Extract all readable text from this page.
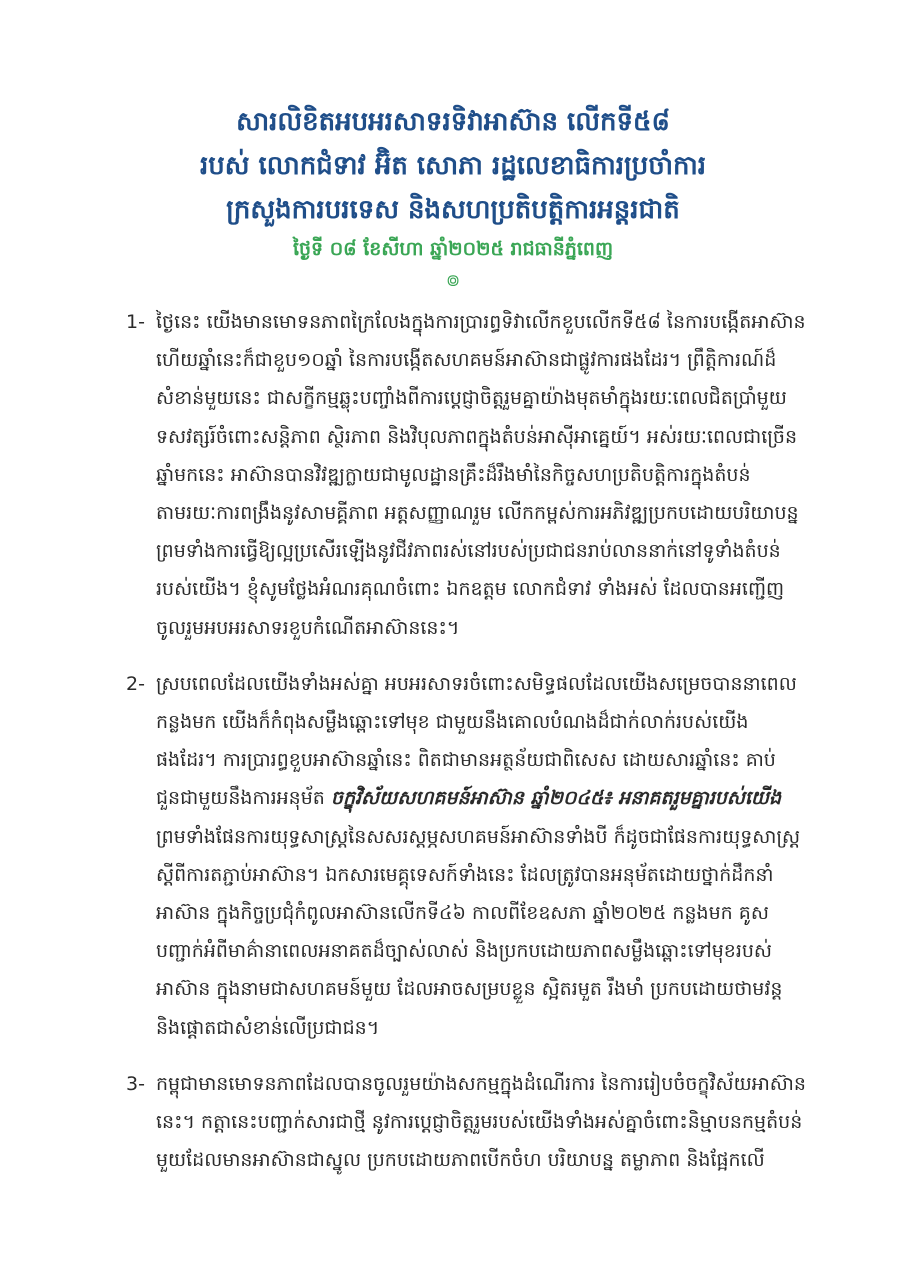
សារលិខិតអបអរសាទរទិវាអាស៊ាន លើកទី៥៨
របស់ លោកជំទាវ អ៊ិត សោភា រដ្ឋលេខាធិការប្រចាំការ
ក្រសួងការបរទេស និងសហប្រតិបត្តិការអន្តរជាតិ
ថ្ងៃទី ០៨ ខែសីហា ឆ្នាំ២០២៥ រាជធានីភ្នំពេញ
៙
1- ថ្ងៃនេះ យើងមានមោទនភាពក្រៃលែងក្នុងការប្រារព្ធទិវាលើកខួបលើកទី៥៨ នៃការបង្កើតអាស៊ាន ហើយឆ្នាំនេះក៏ជាខួប១០ឆ្នាំ នៃការបង្កើតសហគមន៍អាស៊ានជាផ្លូវការផងដែរ។ ព្រឹត្តិការណ៍ដ៏សំខាន់មួយនេះ ជាសក្ខីកម្មឆ្លុះបញ្ចាំងពីការប្តេជ្ញាចិត្តរួមគ្នាយ៉ាងមុតមាំក្នុងរយៈពេលជិតប្រាំមួយទសវត្សរ៍ចំពោះសន្តិភាព ស្ថិរភាព និងវិបុលភាពក្នុងតំបន់អាស៊ីអាគ្នេយ៍។ អស់រយៈពេលជាច្រើនឆ្នាំមកនេះ អាស៊ានបានវិវឌ្ឍក្លាយជាមូលដ្ឋានគ្រឹះដ៏រឹងមាំនៃកិច្ចសហប្រតិបត្តិការក្នុងតំបន់ តាមរយៈការពង្រឹងនូវសាមគ្គីភាព អត្តសញ្ញាណរួម លើកកម្ពស់ការអភិវឌ្ឍប្រកបដោយបរិយាបន្ន ព្រមទាំងការធ្វើឱ្យល្អប្រសើរឡើងនូវជីវភាពរស់នៅរបស់ប្រជាជនរាប់លាននាក់នៅទូទាំងតំបន់របស់យើង។ ខ្ញុំសូមថ្លែងអំណរគុណចំពោះ ឯកឧត្តម លោកជំទាវ ទាំងអស់ ដែលបានអញ្ជើញចូលរួមអបអរសាទរខួបកំណើតអាស៊ាននេះ។
2- ស្របពេលដែលយើងទាំងអស់គ្នា អបអរសាទរចំពោះសមិទ្ធផលដែលយើងសម្រេចបាននាពេលកន្លងមក យើងក៏កំពុងសម្លឹងឆ្ពោះទៅមុខ ជាមួយនឹងគោលបំណងដ៏ជាក់លាក់របស់យើងផងដែរ។ ការប្រារព្ធខួបអាស៊ានឆ្នាំនេះ ពិតជាមានអត្ថន័យជាពិសេស ដោយសារឆ្នាំនេះ គាប់ជួនជាមួយនឹងការអនុម័ត ចក្ខុវិស័យសហគមន៍អាស៊ាន ឆ្នាំ២០៤៥៖ អនាគតរួមគ្នារបស់យើង ព្រមទាំងផែនការយុទ្ធសាស្ត្រនៃសសរស្តម្ភសហគមន៍អាស៊ានទាំងបី ក៏ដូចជាផែនការយុទ្ធសាស្ត្រស្តីពីការតភ្ជាប់អាស៊ាន។ ឯកសារមេគ្គុទេសក៍ទាំងនេះ ដែលត្រូវបានអនុម័តដោយថ្នាក់ដឹកនាំអាស៊ាន ក្នុងកិច្ចប្រជុំកំពូលអាស៊ានលើកទី៤៦ កាលពីខែឧសភា ឆ្នាំ២០២៥ កន្លងមក គូសបញ្ជាក់អំពីមាគ៌ានាពេលអនាគតដ៏ច្បាស់លាស់ និងប្រកបដោយភាពសម្លឹងឆ្ពោះទៅមុខរបស់អាស៊ាន ក្នុងនាមជាសហគមន៍មួយ ដែលអាចសម្របខ្លួន ស្អិតរមួត រឹងមាំ ប្រកបដោយថាមវន្ត និងផ្តោតជាសំខាន់លើប្រជាជន។
3- កម្ពុជាមានមោទនភាពដែលបានចូលរួមយ៉ាងសកម្មក្នុងដំណើរការ នៃការរៀបចំចក្ខុវិស័យអាស៊ាននេះ។ កត្តានេះបញ្ជាក់សារជាថ្មី នូវការប្តេជ្ញាចិត្តរួមរបស់យើងទាំងអស់គ្នាចំពោះនិម្មាបនកម្មតំបន់មួយដែលមានអាស៊ានជាស្នូល ប្រកបដោយភាពបើកចំហ បរិយាបន្ន តម្លាភាព និងផ្អែកលើ
